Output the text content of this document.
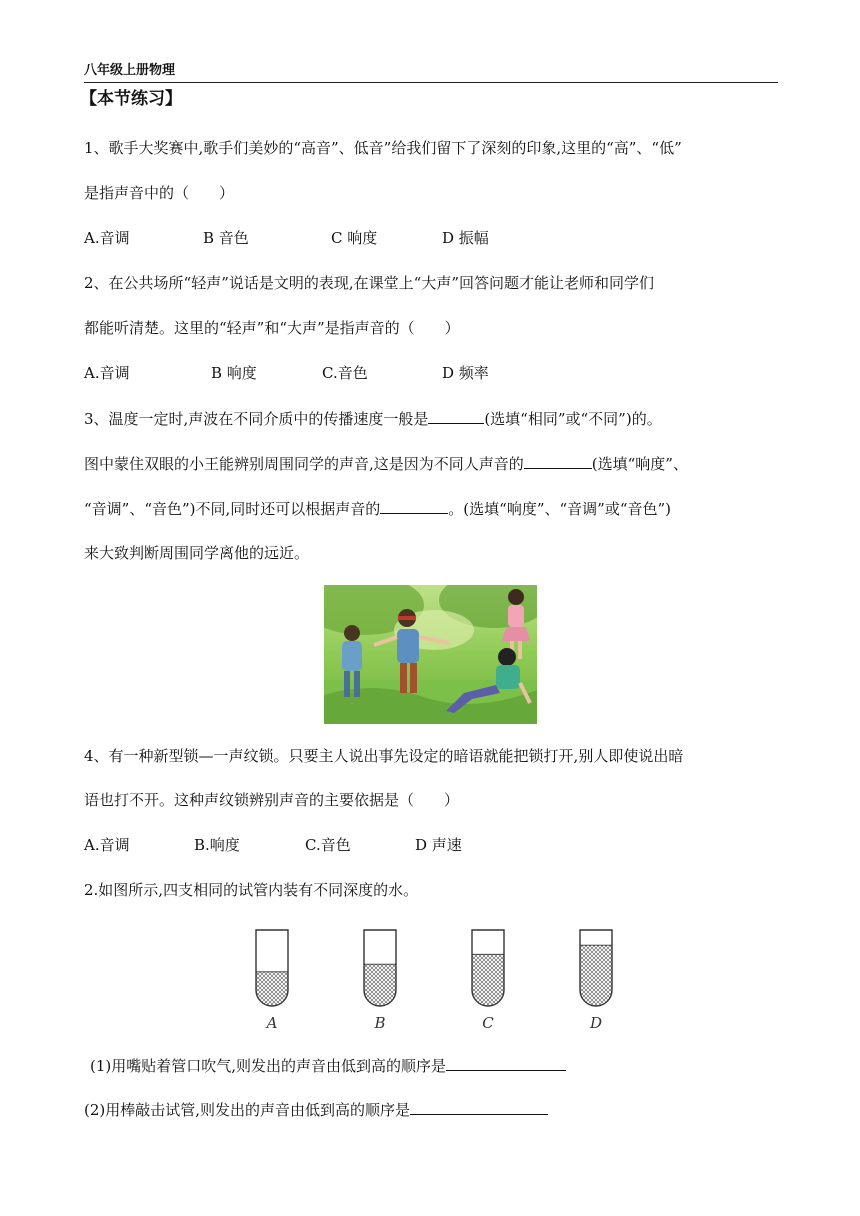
八年级上册物理
【本节练习】
1、歌手大奖赛中,歌手们美妙的“高音”、低音”给我们留下了深刻的印象,这里的“高”、“低”
是指声音中的（　　）
A.音调	B 音色	C 响度	D 振幅
2、在公共场所“轻声”说话是文明的表现,在课堂上“大声”回答问题才能让老师和同学们
都能听清楚。这里的“轻声”和“大声”是指声音的（　　）
A.音调	B 响度	C.音色	D 频率
3、温度一定时,声波在不同介质中的传播速度一般是	(选填“相同”或“不同”)的。
图中蒙住双眼的小王能辨别周围同学的声音,这是因为不同人声音的	(选填“响度”、
“音调”、“音色”)不同,同时还可以根据声音的	。(选填“响度”、“音调”或“音色”)
来大致判断周围同学离他的远近。
4、有一种新型锁—一声纹锁。只要主人说出事先设定的暗语就能把锁打开,别人即使说出暗
语也打不开。这种声纹锁辨别声音的主要依据是（　　）
A.音调	B.响度	C.音色	D 声速
2.如图所示,四支相同的试管内装有不同深度的水。
A	B	C	D
(1)用嘴贴着管口吹气,则发出的声音由低到高的顺序是
(2)用棒敲击试管,则发出的声音由低到高的顺序是
